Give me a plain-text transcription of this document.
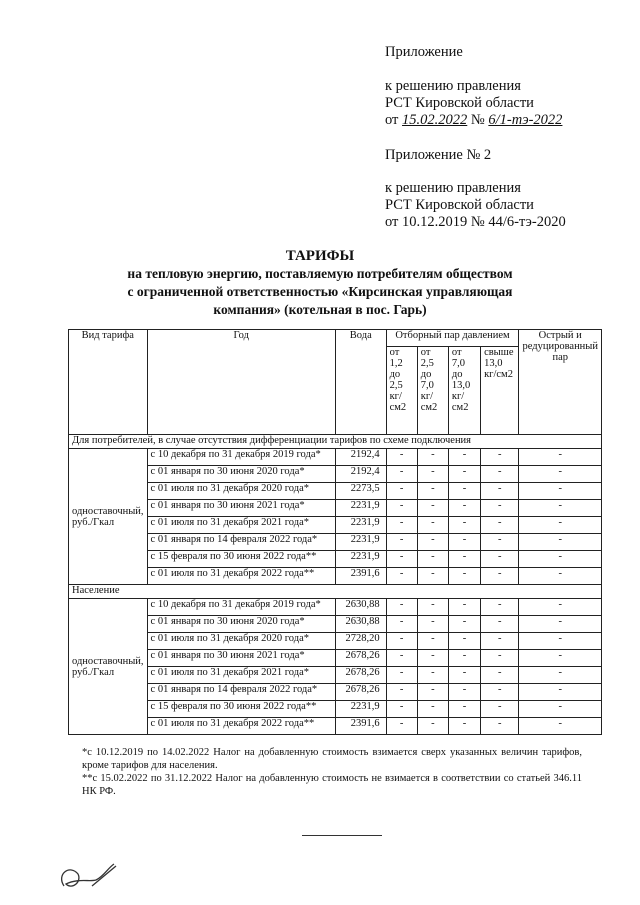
Приложение
к решению правления
РСТ Кировской области
от 15.02.2022 № 6/1-тэ-2022
Приложение № 2
к решению правления
РСТ Кировской области
от 10.12.2019 № 44/6-тэ-2020
ТАРИФЫ
на тепловую энергию, поставляемую потребителям обществом
с ограниченной ответственностью «Кирсинская управляющая
компания» (котельная в пос. Гарь)
Вид тарифа	Год	Вода	Отборный пар давлением				Острый и редуцированный пар
			от 1,2 до 2,5 кг/см2	от 2,5 до 7,0 кг/см2	от 7,0 до 13,0 кг/см2	свыше 13,0 кг/см2	
Для потребителей, в случае отсутствия дифференциации тарифов по схеме подключения							
одноставочный, руб./Гкал	с 10 декабря по 31 декабря 2019 года*	2192,4	-	-	-	-	-
	с 01 января по 30 июня 2020 года*	2192,4	-	-	-	-	-
	с 01 июля по 31 декабря 2020 года*	2273,5	-	-	-	-	-
	с 01 января по 30 июня 2021 года*	2231,9	-	-	-	-	-
	с 01 июля по 31 декабря 2021 года*	2231,9	-	-	-	-	-
	с 01 января по 14 февраля 2022 года*	2231,9	-	-	-	-	-
	с 15 февраля по 30 июня 2022 года**	2231,9	-	-	-	-	-
	с 01 июля по 31 декабря 2022 года**	2391,6	-	-	-	-	-
Население							
одноставочный, руб./Гкал	с 10 декабря по 31 декабря 2019 года*	2630,88	-	-	-	-	-
	с 01 января по 30 июня 2020 года*	2630,88	-	-	-	-	-
	с 01 июля по 31 декабря 2020 года*	2728,20	-	-	-	-	-
	с 01 января по 30 июня 2021 года*	2678,26	-	-	-	-	-
	с 01 июля по 31 декабря 2021 года*	2678,26	-	-	-	-	-
	с 01 января по 14 февраля 2022 года*	2678,26	-	-	-	-	-
	с 15 февраля по 30 июня 2022 года**	2231,9	-	-	-	-	-
	с 01 июля по 31 декабря 2022 года**	2391,6	-	-	-	-	-
*с 10.12.2019 по 14.02.2022 Налог на добавленную стоимость взимается сверх указанных величин тарифов, кроме тарифов для населения.
**с 15.02.2022 по 31.12.2022 Налог на добавленную стоимость не взимается в соответствии со статьей 346.11 НК РФ.
